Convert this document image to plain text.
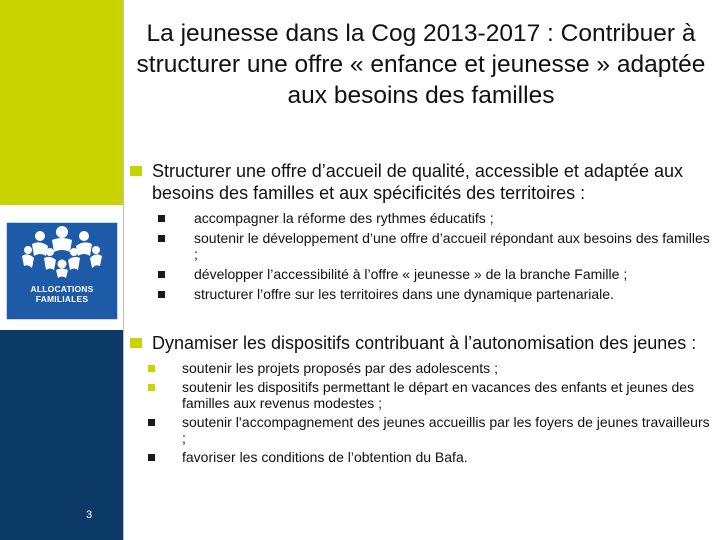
ALLOCATIONS
FAMILIALES
3
La jeunesse dans la Cog 2013-2017 : Contribuer à structurer une offre « enfance et jeunesse » adaptée aux besoins des familles
Structurer une offre d’accueil de qualité, accessible et adaptée aux besoins des familles et aux spécificités des territoires :
accompagner la réforme des rythmes éducatifs ;
soutenir le développement d’une offre d’accueil répondant aux besoins des familles ;
développer l’accessibilité à l’offre « jeunesse » de la branche Famille ;
structurer l’offre sur les territoires dans une dynamique partenariale.
Dynamiser les dispositifs contribuant à l’autonomisation des jeunes :
soutenir les projets proposés par des adolescents ;
soutenir les dispositifs permettant le départ en vacances des enfants et jeunes des familles aux revenus modestes ;
soutenir l’accompagnement des jeunes accueillis par les foyers de jeunes travailleurs ;
favoriser les conditions de l’obtention du Bafa.
